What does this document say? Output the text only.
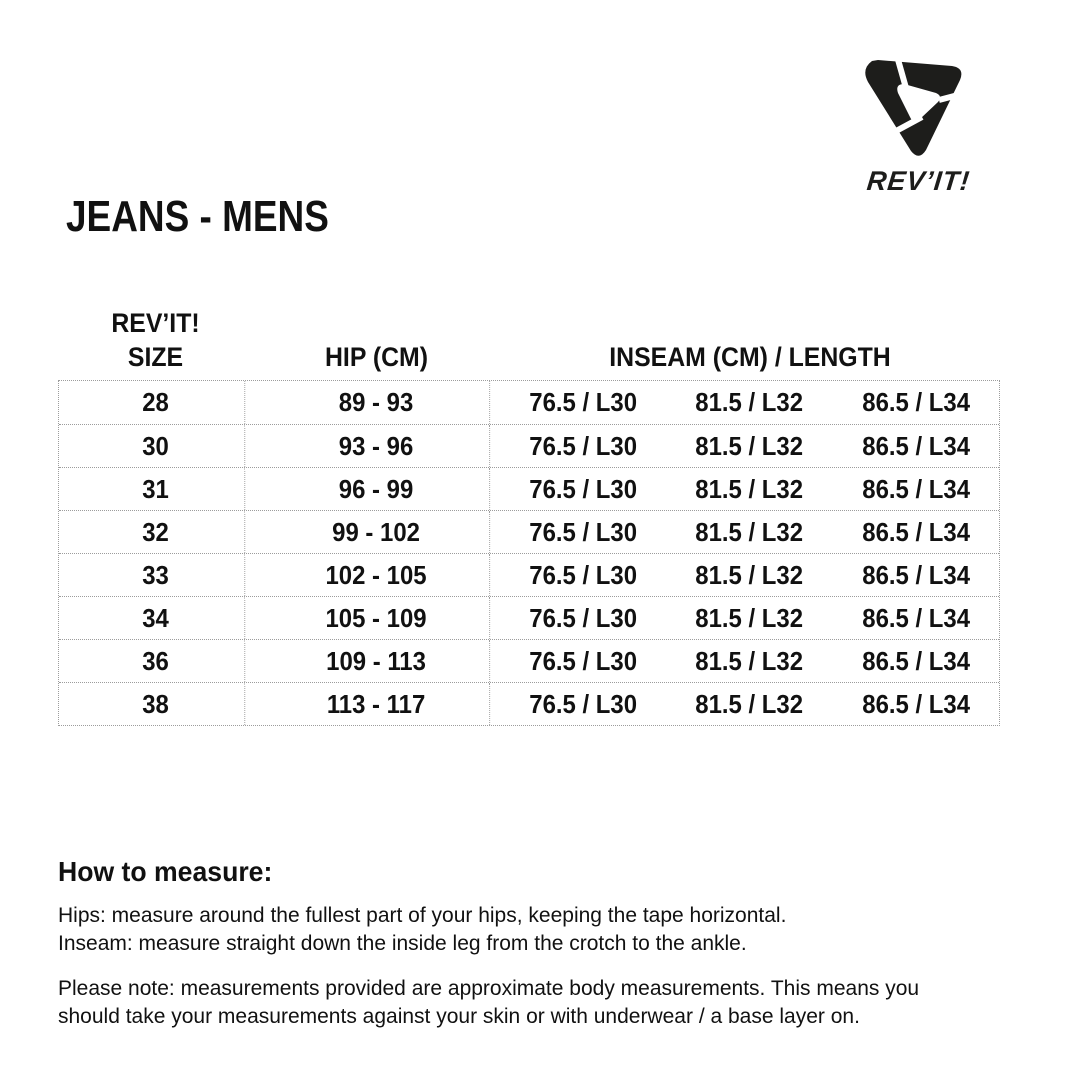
REV’IT!
JEANS - MENS
REV’IT!
SIZE	HIP (CM)	INSEAM (CM) / LENGTH
28	89 - 93	76.5 / L30	81.5 / L32	86.5 / L34
30	93 - 96	76.5 / L30	81.5 / L32	86.5 / L34
31	96 - 99	76.5 / L30	81.5 / L32	86.5 / L34
32	99 - 102	76.5 / L30	81.5 / L32	86.5 / L34
33	102 - 105	76.5 / L30	81.5 / L32	86.5 / L34
34	105 - 109	76.5 / L30	81.5 / L32	86.5 / L34
36	109 - 113	76.5 / L30	81.5 / L32	86.5 / L34
38	113 - 117	76.5 / L30	81.5 / L32	86.5 / L34
How to measure:
Hips: measure around the fullest part of your hips, keeping the tape horizontal.
Inseam: measure straight down the inside leg from the crotch to the ankle.
Please note: measurements provided are approximate body measurements. This means you should take your measurements against your skin or with underwear / a base layer on.
